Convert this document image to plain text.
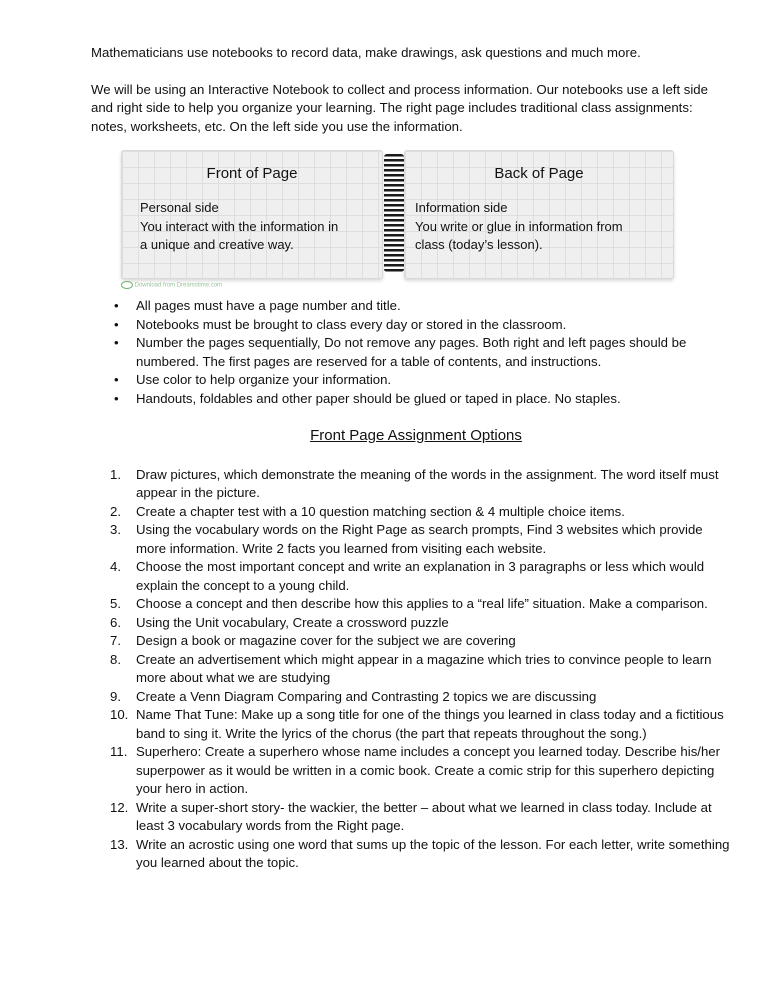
Mathematicians use notebooks to record data, make drawings, ask questions and much more.

We will be using an Interactive Notebook to collect and process information. Our notebooks use a left side and right side to help you organize your learning. The right page includes traditional class assignments: notes, worksheets, etc. On the left side you use the information.

Front of Page
Personal side
You interact with the information in
a unique and creative way.
Back of Page
Information side
You write or glue in information from
class (today’s lesson).
Download from Dreamstime.com
• All pages must have a page number and title.
• Notebooks must be brought to class every day or stored in the classroom.
• Number the pages sequentially, Do not remove any pages. Both right and left pages should be numbered. The first pages are reserved for a table of contents, and instructions.
• Use color to help organize your information.
• Handouts, foldables and other paper should be glued or taped in place. No staples.
Front Page Assignment Options
1. Draw pictures, which demonstrate the meaning of the words in the assignment. The word itself must appear in the picture.
2. Create a chapter test with a 10 question matching section & 4 multiple choice items.
3. Using the vocabulary words on the Right Page as search prompts, Find 3 websites which provide more information. Write 2 facts you learned from visiting each website.
4. Choose the most important concept and write an explanation in 3 paragraphs or less which would explain the concept to a young child.
5. Choose a concept and then describe how this applies to a “real life” situation. Make a comparison.
6. Using the Unit vocabulary, Create a crossword puzzle
7. Design a book or magazine cover for the subject we are covering
8. Create an advertisement which might appear in a magazine which tries to convince people to learn more about what we are studying
9. Create a Venn Diagram Comparing and Contrasting 2 topics we are discussing
10. Name That Tune: Make up a song title for one of the things you learned in class today and a fictitious band to sing it. Write the lyrics of the chorus (the part that repeats throughout the song.)
11. Superhero: Create a superhero whose name includes a concept you learned today. Describe his/her superpower as it would be written in a comic book. Create a comic strip for this superhero depicting your hero in action.
12. Write a super-short story- the wackier, the better – about what we learned in class today. Include at least 3 vocabulary words from the Right page.
13. Write an acrostic using one word that sums up the topic of the lesson. For each letter, write something you learned about the topic.
